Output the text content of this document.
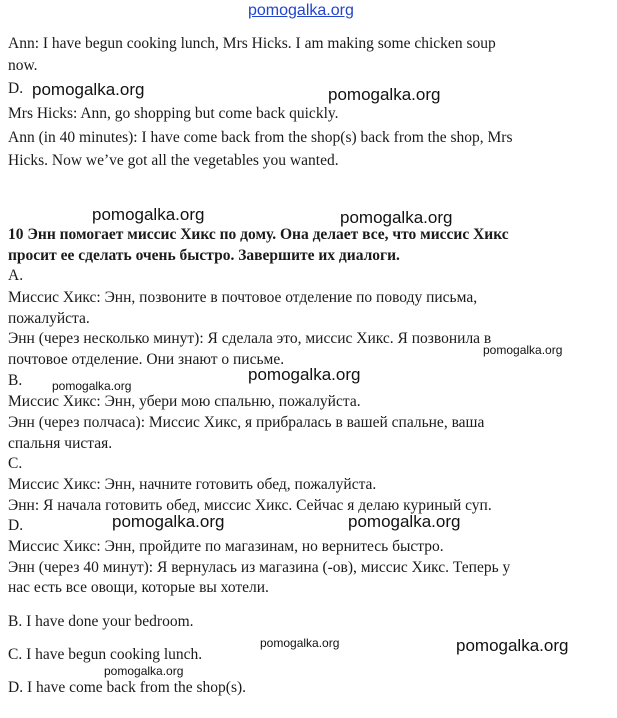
pomogalka.org

Ann: I have begun cooking lunch, Mrs Hicks. I am making some chicken soup

now.

D.

Mrs Hicks: Ann, go shopping but come back quickly.

Ann (in 40 minutes): I have come back from the shop(s) back from the shop, Mrs

Hicks. Now we’ve got all the vegetables you wanted.

10 Энн помогает миссис Хикс по дому. Она делает все, что миссис Хикс

просит ее сделать очень быстро. Завершите их диалоги.

A.

Миссис Хикс: Энн, позвоните в почтовое отделение по поводу письма,

пожалуйста.

Энн (через несколько минут): Я сделала это, миссис Хикс. Я позвонила в

почтовое отделение. Они знают о письме.

B.

Миссис Хикс: Энн, убери мою спальню, пожалуйста.

Энн (через полчаса): Миссис Хикс, я прибралась в вашей спальне, ваша

спальня чистая.

C.

Миссис Хикс: Энн, начните готовить обед, пожалуйста.

Энн: Я начала готовить обед, миссис Хикс. Сейчас я делаю куриный суп.

D.

Миссис Хикс: Энн, пройдите по магазинам, но вернитесь быстро.

Энн (через 40 минут): Я вернулась из магазина (-ов), миссис Хикс. Теперь у

нас есть все овощи, которые вы хотели.

B. I have done your bedroom.

C. I have begun cooking lunch.

D. I have come back from the shop(s).

pomogalka.org	pomogalka.org
pomogalka.org	pomogalka.org
pomogalka.org
pomogalka.org
pomogalka.org
pomogalka.org	pomogalka.org
pomogalka.org	pomogalka.org
pomogalka.org
